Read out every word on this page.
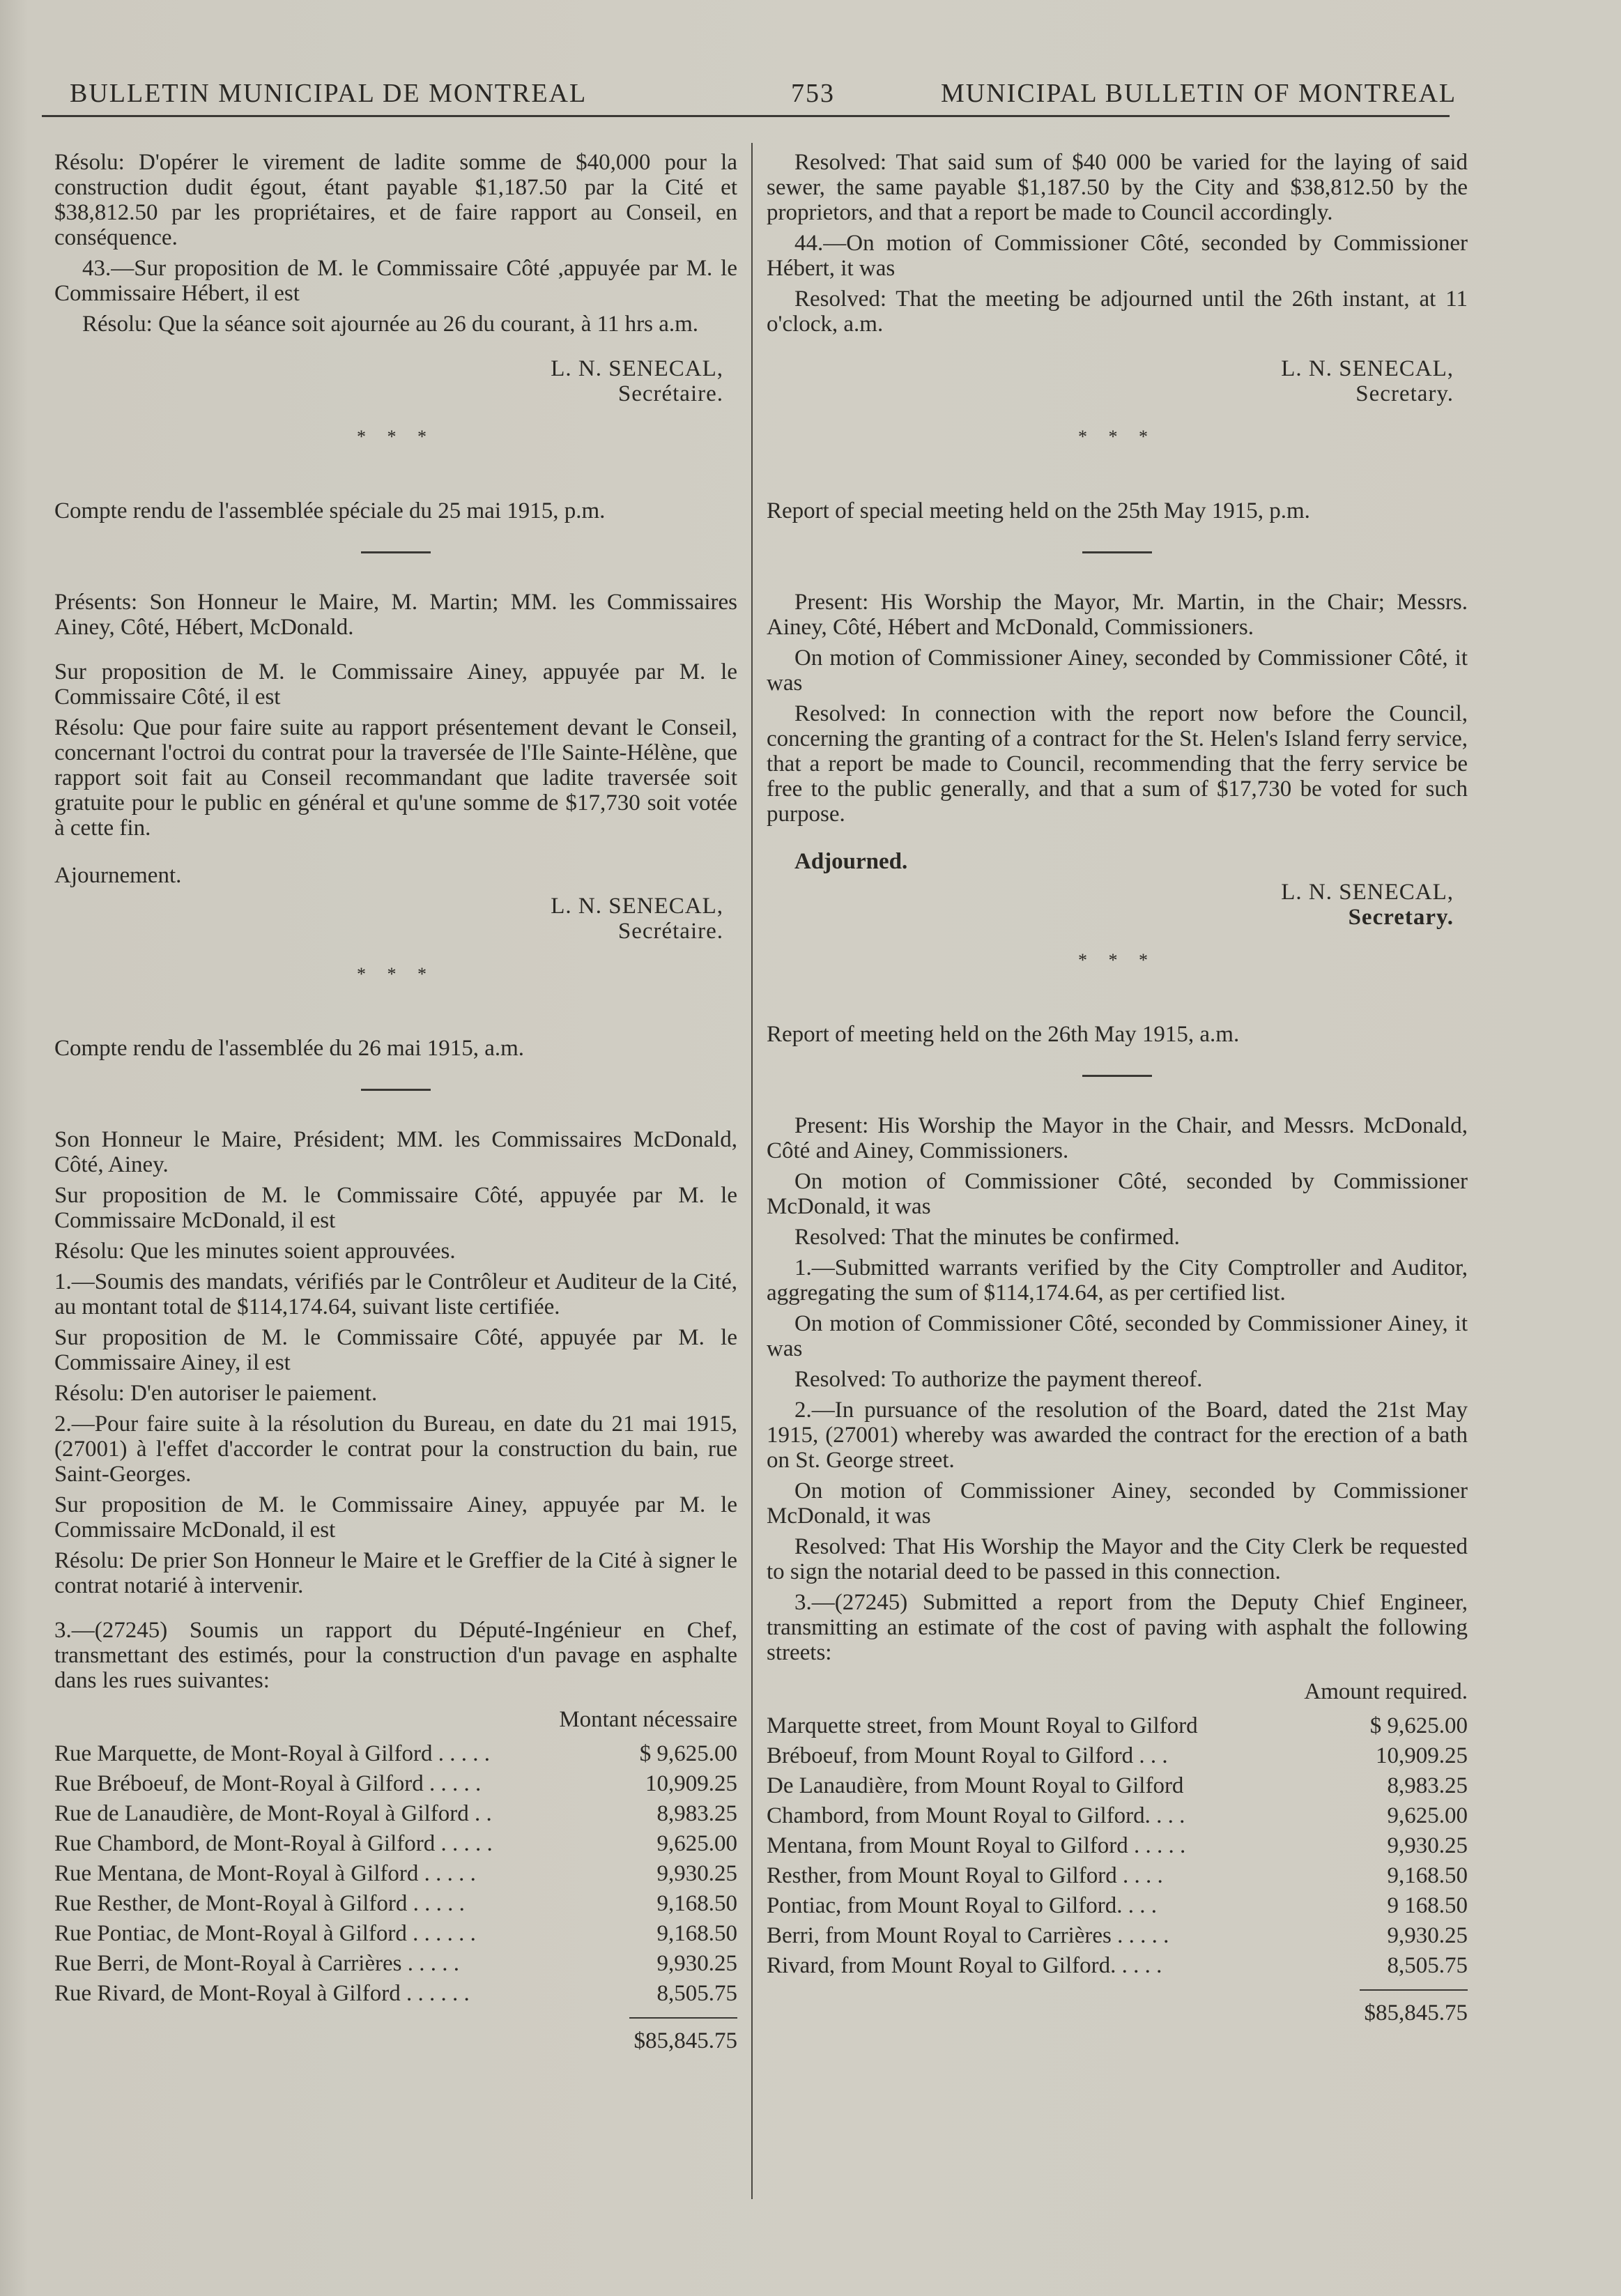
BULLETIN MUNICIPAL DE MONTREAL	753	MUNICIPAL BULLETIN OF MONTREAL

Résolu: D'opérer le virement de ladite somme de $40,000 pour la construction dudit égout, étant payable $1,187.50 par la Cité et $38,812.50 par les propriétaires, et de faire rapport au Conseil, en conséquence.

43.—Sur proposition de M. le Commissaire Côté ,appuyée par M. le Commissaire Hébert, il est

Résolu: Que la séance soit ajournée au 26 du courant, à 11 hrs a.m.

L. N. SENECAL,
Secrétaire.
* * *

Compte rendu de l'assemblée spéciale du 25 mai 1915, p.m.

Présents: Son Honneur le Maire, M. Martin; MM. les Commissaires Ainey, Côté, Hébert, McDonald.

Sur proposition de M. le Commissaire Ainey, appuyée par M. le Commissaire Côté, il est

Résolu: Que pour faire suite au rapport présentement devant le Conseil, concernant l'octroi du contrat pour la traversée de l'Ile Sainte-Hélène, que rapport soit fait au Conseil recommandant que ladite traversée soit gratuite pour le public en général et qu'une somme de $17,730 soit votée à cette fin.

Ajournement.

L. N. SENECAL,
Secrétaire.
* * *

Compte rendu de l'assemblée du 26 mai 1915, a.m.

Son Honneur le Maire, Président; MM. les Commissaires McDonald, Côté, Ainey.

Sur proposition de M. le Commissaire Côté, appuyée par M. le Commissaire McDonald, il est

Résolu: Que les minutes soient approuvées.

1.—Soumis des mandats, vérifiés par le Contrôleur et Auditeur de la Cité, au montant total de $114,174.64, suivant liste certifiée.

Sur proposition de M. le Commissaire Côté, appuyée par M. le Commissaire Ainey, il est

Résolu: D'en autoriser le paiement.

2.—Pour faire suite à la résolution du Bureau, en date du 21 mai 1915, (27001) à l'effet d'accorder le contrat pour la construction du bain, rue Saint-Georges.

Sur proposition de M. le Commissaire Ainey, appuyée par M. le Commissaire McDonald, il est

Résolu: De prier Son Honneur le Maire et le Greffier de la Cité à signer le contrat notarié à intervenir.

3.—(27245) Soumis un rapport du Député-Ingénieur en Chef, transmettant des estimés, pour la construction d'un pavage en asphalte dans les rues suivantes:

Montant nécessaire
Rue Marquette, de Mont-Royal à Gilford . . . . .	$ 9,625.00
Rue Bréboeuf, de Mont-Royal à Gilford . . . . .	10,909.25
Rue de Lanaudière, de Mont-Royal à Gilford . .	8,983.25
Rue Chambord, de Mont-Royal à Gilford . . . . .	9,625.00
Rue Mentana, de Mont-Royal à Gilford . . . . .	9,930.25
Rue Resther, de Mont-Royal à Gilford . . . . .	9,168.50
Rue Pontiac, de Mont-Royal à Gilford . . . . . .	9,168.50
Rue Berri, de Mont-Royal à Carrières . . . . .	9,930.25
Rue Rivard, de Mont-Royal à Gilford . . . . . .	8,505.75
$85,845.75

Resolved: That said sum of $40 000 be varied for the laying of said sewer, the same payable $1,187.50 by the City and $38,812.50 by the proprietors, and that a report be made to Council accordingly.

44.—On motion of Commissioner Côté, seconded by Commissioner Hébert, it was

Resolved: That the meeting be adjourned until the 26th instant, at 11 o'clock, a.m.

L. N. SENECAL,
Secretary.
* * *

Report of special meeting held on the 25th May 1915, p.m.

Present: His Worship the Mayor, Mr. Martin, in the Chair; Messrs. Ainey, Côté, Hébert and McDonald, Commissioners.

On motion of Commissioner Ainey, seconded by Commissioner Côté, it was

Resolved: In connection with the report now before the Council, concerning the granting of a contract for the St. Helen's Island ferry service, that a report be made to Council, recommending that the ferry service be free to the public generally, and that a sum of $17,730 be voted for such purpose.

Adjourned.

L. N. SENECAL,
Secretary.
* * *

Report of meeting held on the 26th May 1915, a.m.

Present: His Worship the Mayor in the Chair, and Messrs. McDonald, Côté and Ainey, Commissioners.

On motion of Commissioner Côté, seconded by Commissioner McDonald, it was

Resolved: That the minutes be confirmed.

1.—Submitted warrants verified by the City Comptroller and Auditor, aggregating the sum of $114,174.64, as per certified list.

On motion of Commissioner Côté, seconded by Commissioner Ainey, it was

Resolved: To authorize the payment thereof.

2.—In pursuance of the resolution of the Board, dated the 21st May 1915, (27001) whereby was awarded the contract for the erection of a bath on St. George street.

On motion of Commissioner Ainey, seconded by Commissioner McDonald, it was

Resolved: That His Worship the Mayor and the City Clerk be requested to sign the notarial deed to be passed in this connection.

3.—(27245) Submitted a report from the Deputy Chief Engineer, transmitting an estimate of the cost of paving with asphalt the following streets:

Amount required.
Marquette street, from Mount Royal to Gilford	$ 9,625.00
Bréboeuf, from Mount Royal to Gilford . . .	10,909.25
De Lanaudière, from Mount Royal to Gilford	8,983.25
Chambord, from Mount Royal to Gilford. . . .	9,625.00
Mentana, from Mount Royal to Gilford . . . . .	9,930.25
Resther, from Mount Royal to Gilford . . . .	9,168.50
Pontiac, from Mount Royal to Gilford. . . .	9 168.50
Berri, from Mount Royal to Carrières . . . . .	9,930.25
Rivard, from Mount Royal to Gilford. . . . .	8,505.75
$85,845.75
